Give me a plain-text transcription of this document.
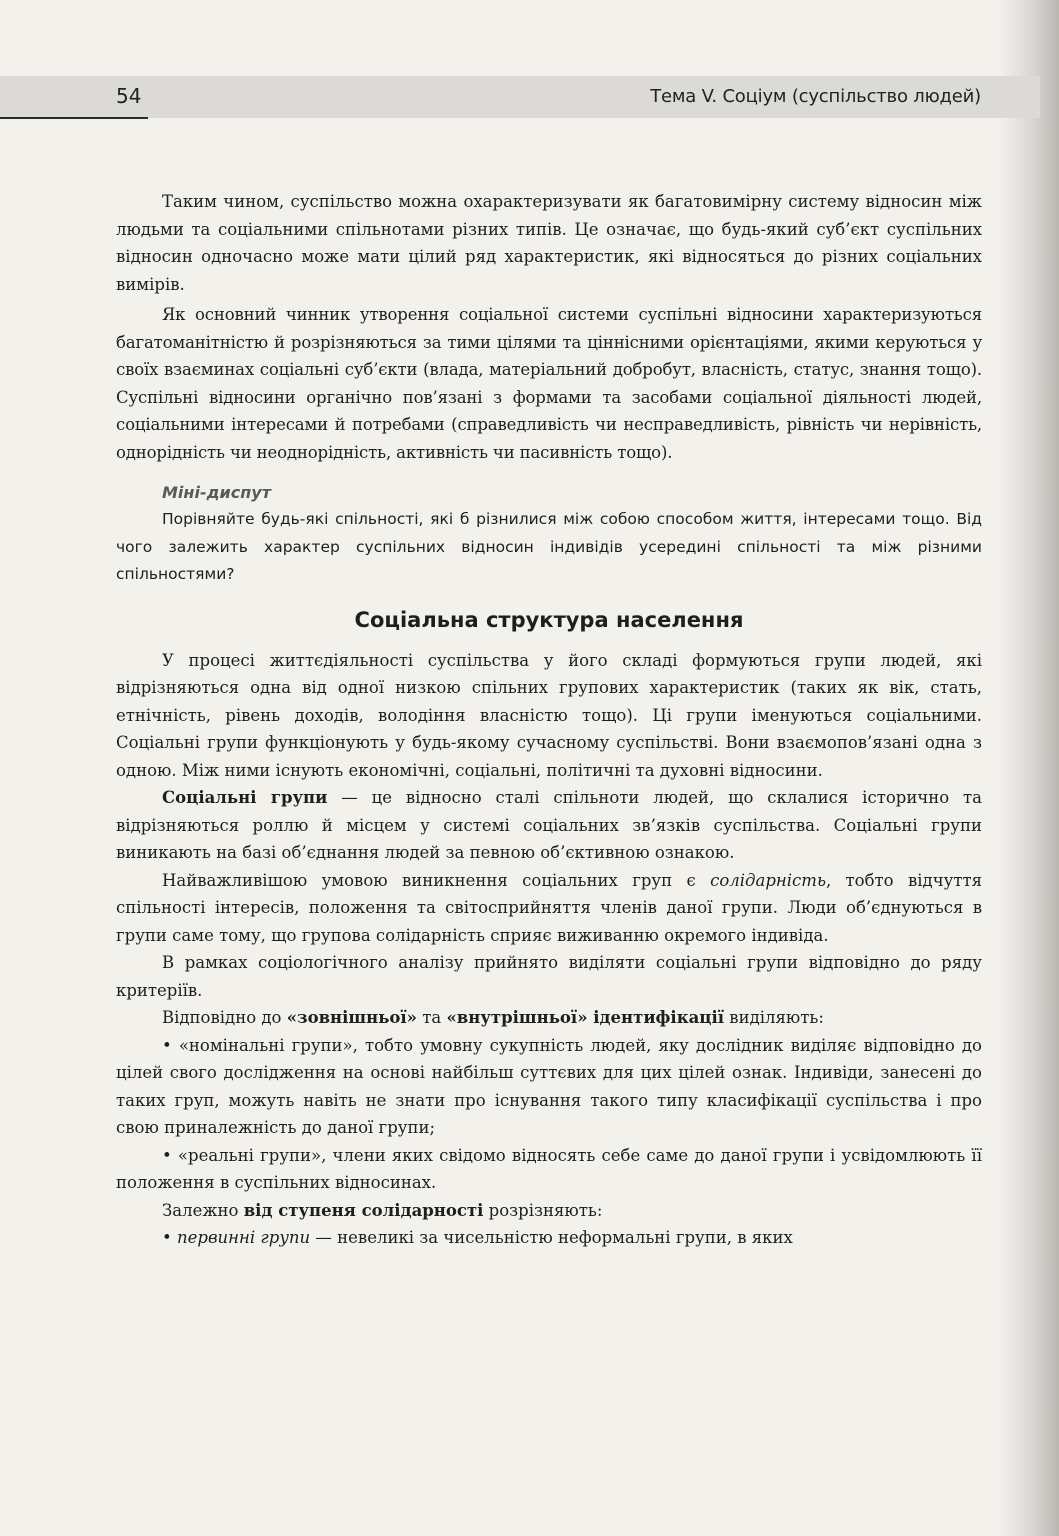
54	Тема V. Соціум (суспільство людей)

Таким чином, суспільство можна охарактеризувати як багатовимірну систему відносин між людьми та соціальними спільнотами різних типів. Це означає, що будь-який суб’єкт суспільних відносин одночасно може мати цілий ряд характеристик, які відносяться до різних соціальних вимірів.

Як основний чинник утворення соціальної системи суспільні відносини характеризуються багатоманітністю й розрізняються за тими цілями та ціннісними орієнтаціями, якими керуються у своїх взаєминах соціальні суб’єкти (влада, матеріальний добробут, власність, статус, знання тощо). Суспільні відносини органічно пов’язані з формами та засобами соціальної діяльності людей, соціальними інтересами й потребами (справедливість чи несправедливість, рівність чи нерівність, однорідність чи неоднорідність, активність чи пасивність тощо).

Міні-диспут

Порівняйте будь-які спільності, які б різнилися між собою способом життя, інтересами тощо. Від чого залежить характер суспільних відносин індивідів усередині спільності та між різними спільностями?

Соціальна структура населення

У процесі життєдіяльності суспільства у його складі формуються групи людей, які відрізняються одна від одної низкою спільних групових характеристик (таких як вік, стать, етнічність, рівень доходів, володіння власністю тощо). Ці групи іменуються соціальними. Соціальні групи функціонують у будь-якому сучасному суспільстві. Вони взаємопов’язані одна з одною. Між ними існують економічні, соціальні, політичні та духовні відносини.

Соціальні групи — це відносно сталі спільноти людей, що склалися історично та відрізняються роллю й місцем у системі соціальних зв’язків суспільства. Соціальні групи виникають на базі об’єднання людей за певною об’єктивною ознакою.

Найважливішою умовою виникнення соціальних груп є солідарність, тобто відчуття спільності інтересів, положення та світосприйняття членів даної групи. Люди об’єднуються в групи саме тому, що групова солідарність сприяє виживанню окремого індивіда.

В рамках соціологічного аналізу прийнято виділяти соціальні групи відповідно до ряду критеріїв.

Відповідно до «зовнішньої» та «внутрішньої» ідентифікації виділяють:

• «номінальні групи», тобто умовну сукупність людей, яку дослідник виділяє відповідно до цілей свого дослідження на основі найбільш суттєвих для цих цілей ознак. Індивіди, занесені до таких груп, можуть навіть не знати про існування такого типу класифікації суспільства і про свою приналежність до даної групи;

• «реальні групи», члени яких свідомо відносять себе саме до даної групи і усвідомлюють її положення в суспільних відносинах.

Залежно від ступеня солідарності розрізняють:

• первинні групи — невеликі за чисельністю неформальні групи, в яких
